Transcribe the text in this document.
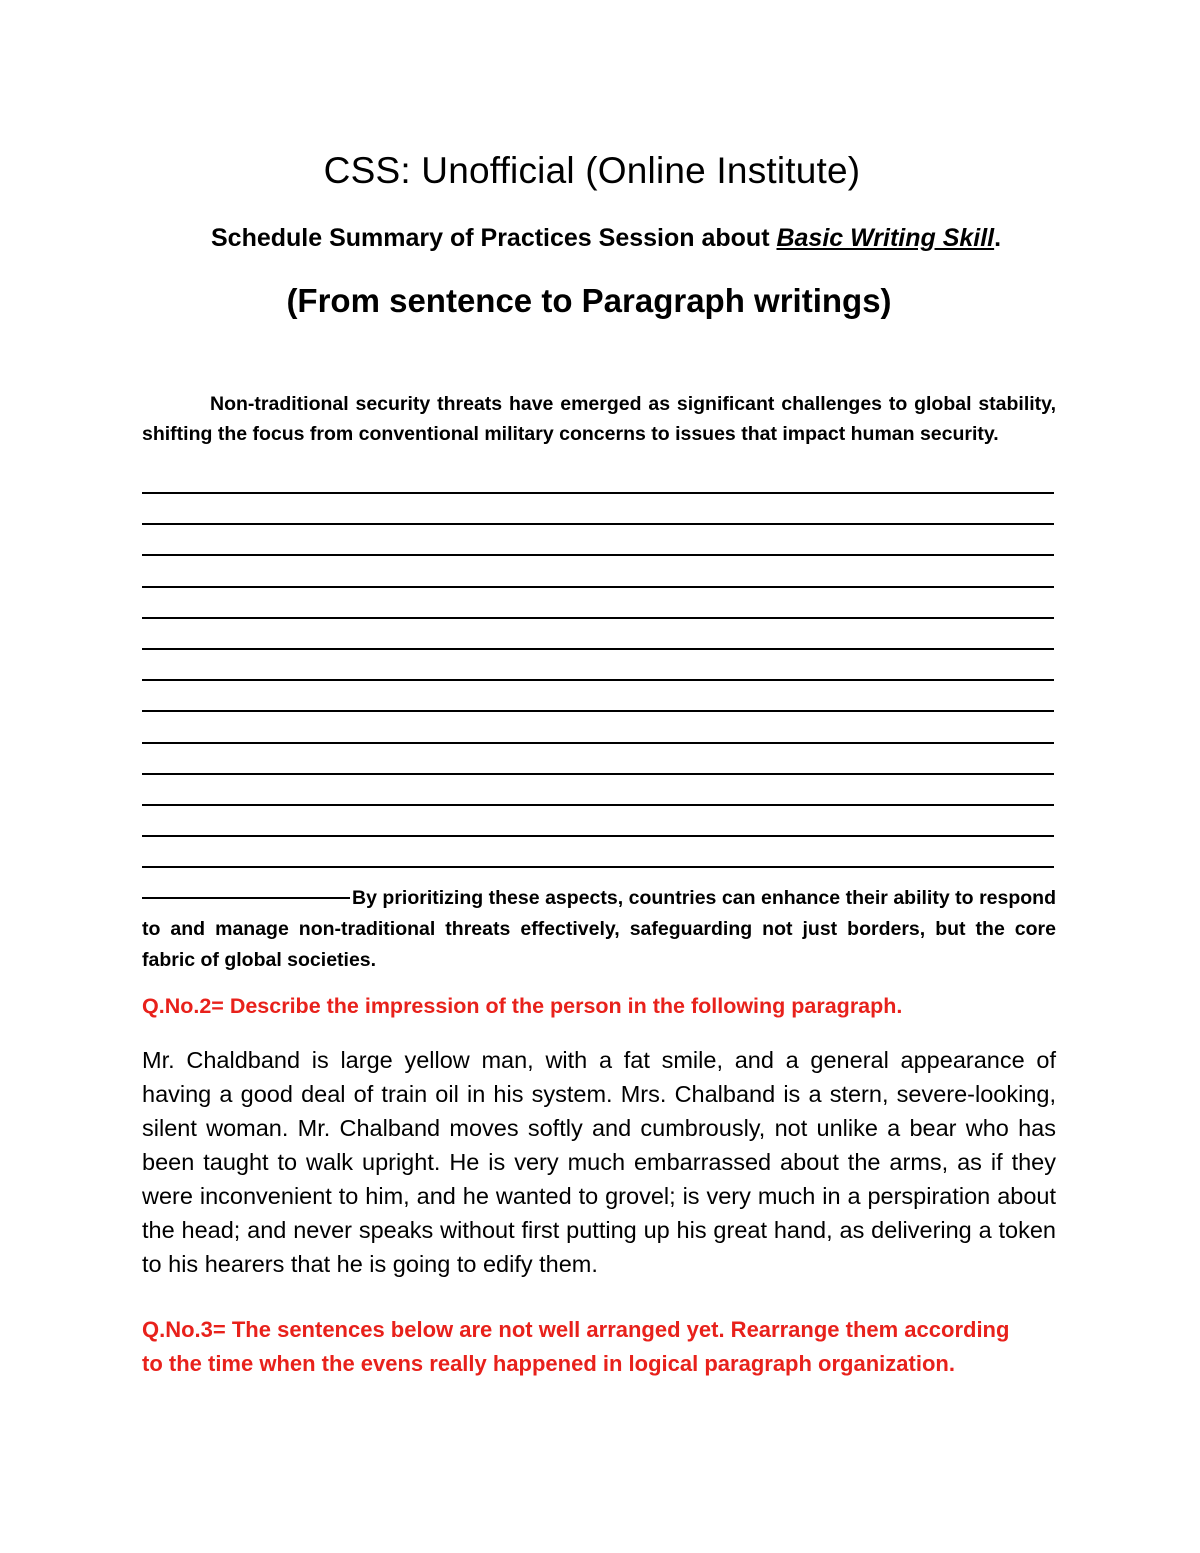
CSS: Unofficial (Online Institute)

Schedule Summary of Practices Session about Basic Writing Skill.

(From sentence to Paragraph writings)

Non-traditional security threats have emerged as significant challenges to global stability, shifting the focus from conventional military concerns to issues that impact human security.

By prioritizing these aspects, countries can enhance their ability to respond to and manage non-traditional threats effectively, safeguarding not just borders, but the core fabric of global societies.

Q.No.2= Describe the impression of the person in the following paragraph.

Mr. Chaldband is large yellow man, with a fat smile, and a general appearance of having a good deal of train oil in his system. Mrs. Chalband is a stern, severe-looking, silent woman. Mr. Chalband moves softly and cumbrously, not unlike a bear who has been taught to walk upright. He is very much embarrassed about the arms, as if they were inconvenient to him, and he wanted to grovel; is very much in a perspiration about the head; and never speaks without first putting up his great hand, as delivering a token to his hearers that he is going to edify them.

Q.No.3= The sentences below are not well arranged yet. Rearrange them according to the time when the evens really happened in logical paragraph organization.
